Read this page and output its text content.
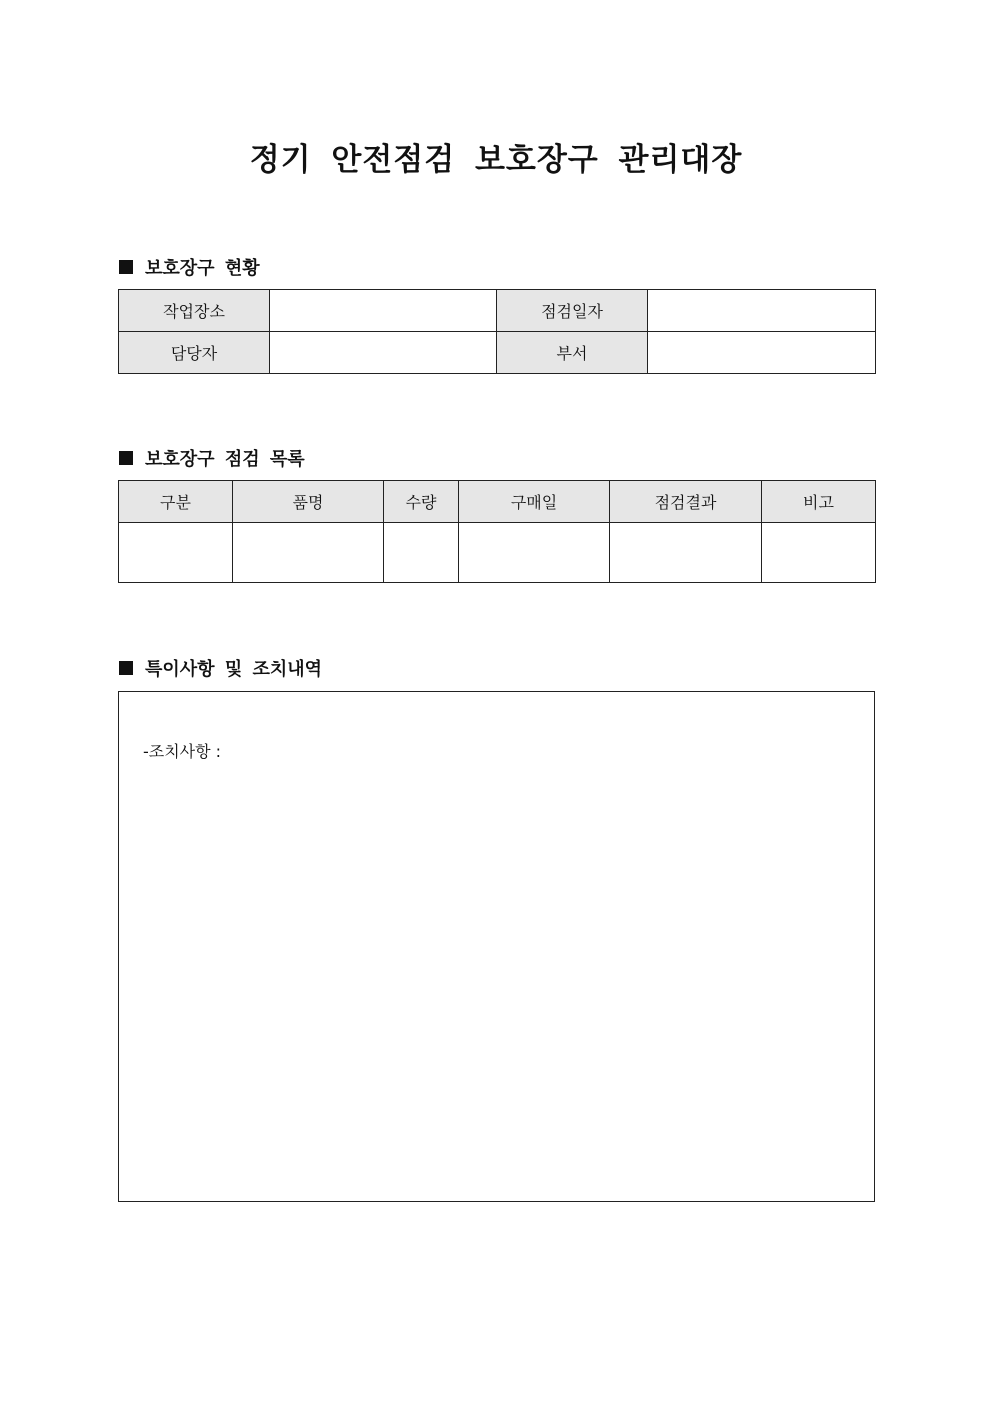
정기 안전점검 보호장구 관리대장
보호장구 현황
작업장소		점검일자	
담당자		부서	
보호장구 점검 목록
구분	품명	수량	구매일	점검결과	비고

특이사항 및 조치내역
-조치사항 :
